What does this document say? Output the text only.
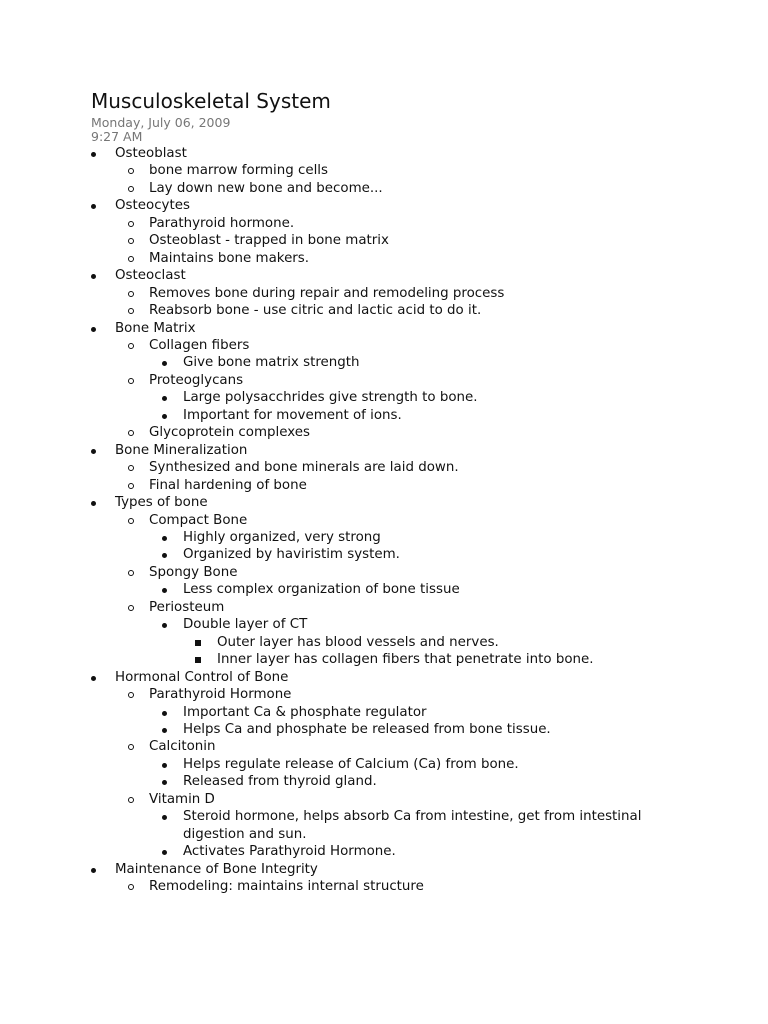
Musculoskeletal System
Monday, July 06, 2009
9:27 AM
Osteoblast
bone marrow forming cells
Lay down new bone and become...
Osteocytes
Parathyroid hormone.
Osteoblast - trapped in bone matrix
Maintains bone makers.
Osteoclast
Removes bone during repair and remodeling process
Reabsorb bone - use citric and lactic acid to do it.
Bone Matrix
Collagen fibers
Give bone matrix strength
Proteoglycans
Large polysacchrides give strength to bone.
Important for movement of ions.
Glycoprotein complexes
Bone Mineralization
Synthesized and bone minerals are laid down.
Final hardening of bone
Types of bone
Compact Bone
Highly organized, very strong
Organized by haviristim system.
Spongy Bone
Less complex organization of bone tissue
Periosteum
Double layer of CT
Outer layer has blood vessels and nerves.
Inner layer has collagen fibers that penetrate into bone.
Hormonal Control of Bone
Parathyroid Hormone
Important Ca & phosphate regulator
Helps Ca and phosphate be released from bone tissue.
Calcitonin
Helps regulate release of Calcium (Ca) from bone.
Released from thyroid gland.
Vitamin D
Steroid hormone, helps absorb Ca from intestine, get from intestinal
digestion and sun.
Activates Parathyroid Hormone.
Maintenance of Bone Integrity
Remodeling: maintains internal structure
